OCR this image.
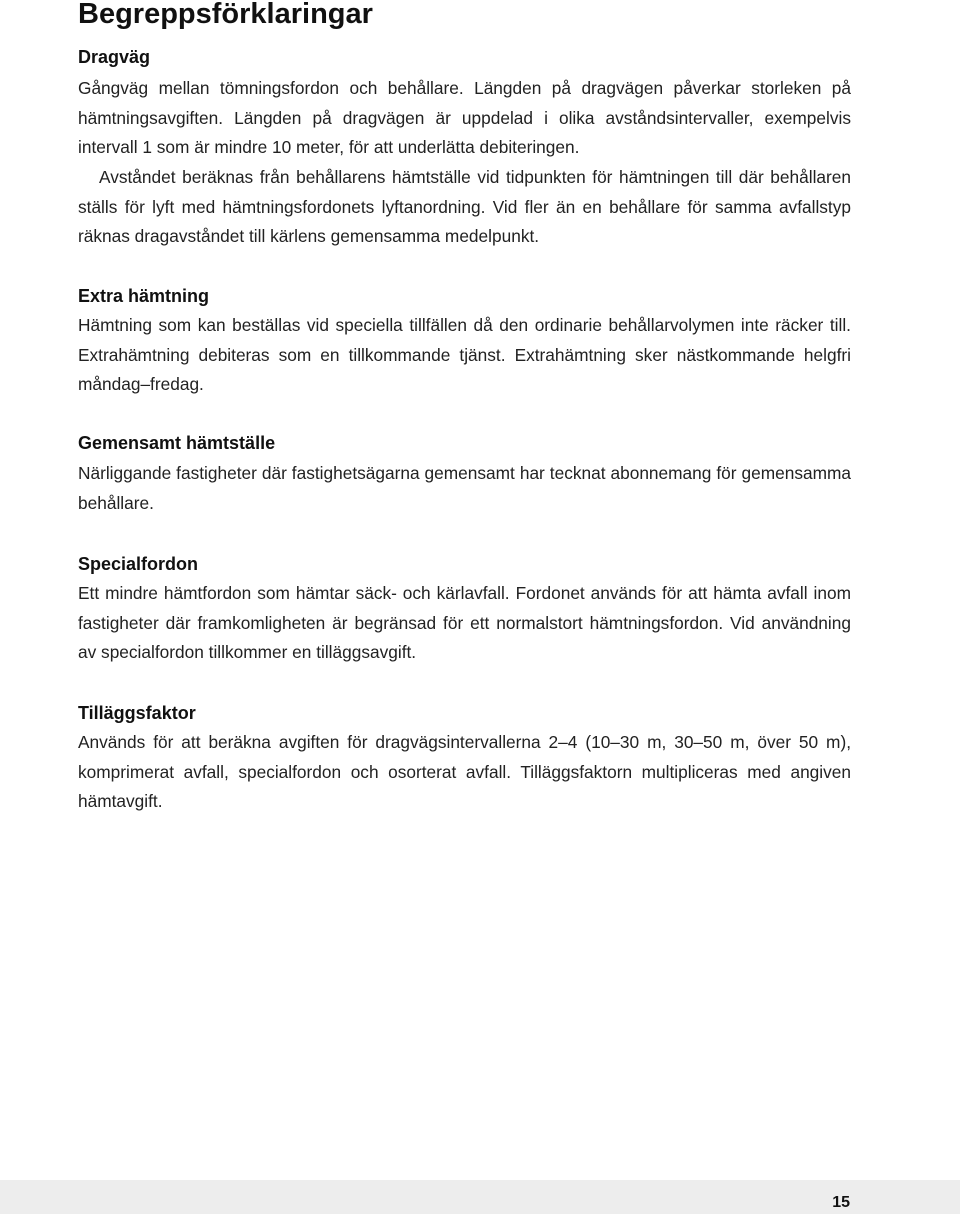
Begreppsförklaringar
Dragväg

Gångväg mellan tömningsfordon och behållare. Längden på dragvägen påverkar storleken på hämtningsavgiften. Längden på dragvägen är uppdelad i olika avståndsintervaller, exempelvis intervall 1 som är mindre 10 meter, för att underlätta debiteringen.

Avståndet beräknas från behållarens hämtställe vid tidpunkten för hämtningen till där behållaren ställs för lyft med hämtningsfordonets lyftanordning. Vid fler än en behållare för samma avfallstyp räknas dragavståndet till kärlens gemensamma medelpunkt.

Extra hämtning

Hämtning som kan beställas vid speciella tillfällen då den ordinarie behållarvolymen inte räcker till. Extrahämtning debiteras som en tillkommande tjänst. Extrahämtning sker nästkommande helgfri måndag–fredag.

Gemensamt hämtställe

Närliggande fastigheter där fastighetsägarna gemensamt har tecknat abonnemang för gemensamma behållare.

Specialfordon

Ett mindre hämtfordon som hämtar säck- och kärlavfall. Fordonet används för att hämta avfall inom fastigheter där framkomligheten är begränsad för ett normalstort hämtningsfordon. Vid användning av specialfordon tillkommer en tilläggsavgift.

Tilläggsfaktor

Används för att beräkna avgiften för dragvägsintervallerna 2–4 (10–30 m, 30–50 m, över 50 m), komprimerat avfall, specialfordon och osorterat avfall. Tilläggsfaktorn multipliceras med angiven hämtavgift.

15
